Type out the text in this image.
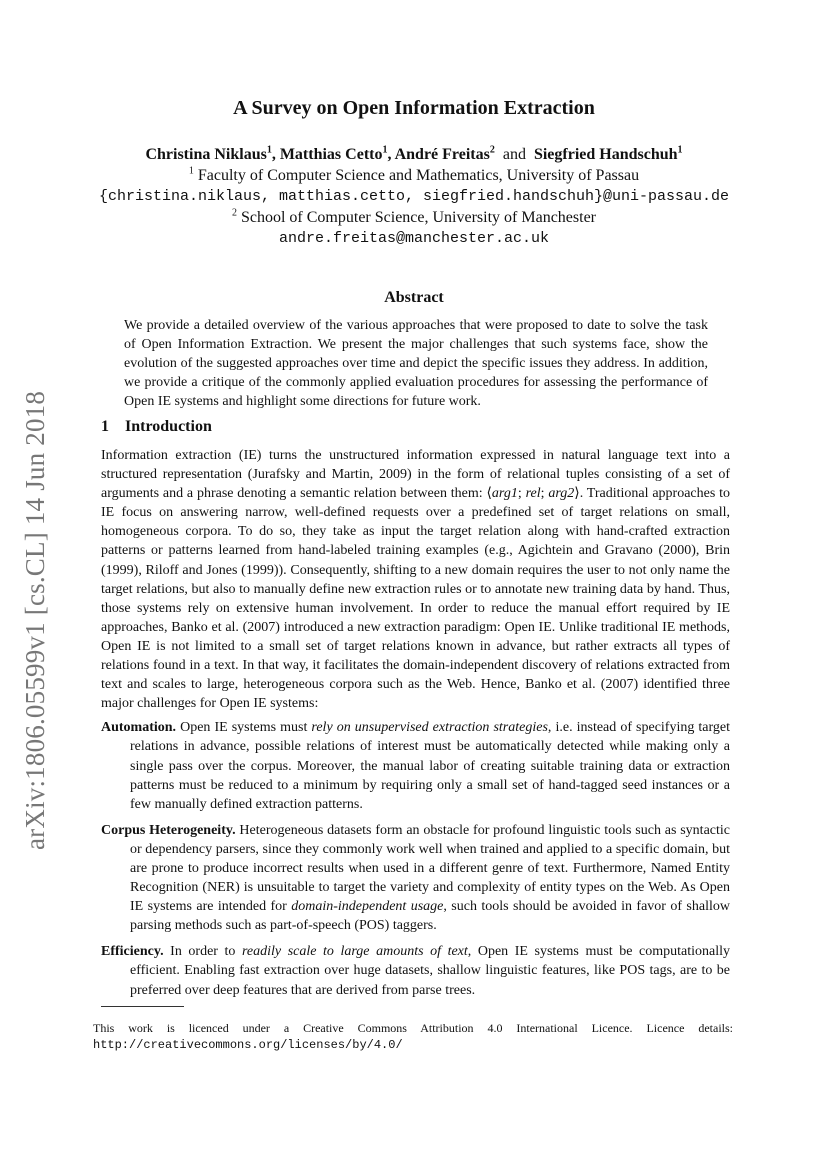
arXiv:1806.05599v1 [cs.CL] 14 Jun 2018
A Survey on Open Information Extraction
Christina Niklaus$^1$, Matthias Cetto$^1$, André Freitas$^2$ and Siegfried Handschuh$^1$
$^1$ Faculty of Computer Science and Mathematics, University of Passau
{christina.niklaus, matthias.cetto, siegfried.handschuh}@uni-passau.de
$^2$ School of Computer Science, University of Manchester
andre.freitas@manchester.ac.uk
Abstract
We provide a detailed overview of the various approaches that were proposed to date to solve the task of Open Information Extraction. We present the major challenges that such systems face, show the evolution of the suggested approaches over time and depict the specific issues they address. In addition, we provide a critique of the commonly applied evaluation procedures for assessing the performance of Open IE systems and highlight some directions for future work.
1 Introduction

Information extraction (IE) turns the unstructured information expressed in natural language text into a structured representation (Jurafsky and Martin, 2009) in the form of relational tuples consisting of a set of arguments and a phrase denoting a semantic relation between them: ⟨arg1; rel; arg2⟩. Traditional approaches to IE focus on answering narrow, well-defined requests over a predefined set of target relations on small, homogeneous corpora. To do so, they take as input the target relation along with hand-crafted extraction patterns or patterns learned from hand-labeled training examples (e.g., Agichtein and Gravano (2000), Brin (1999), Riloff and Jones (1999)). Consequently, shifting to a new domain requires the user to not only name the target relations, but also to manually define new extraction rules or to annotate new training data by hand. Thus, those systems rely on extensive human involvement. In order to reduce the manual effort required by IE approaches, Banko et al. (2007) introduced a new extraction paradigm: Open IE. Unlike traditional IE methods, Open IE is not limited to a small set of target relations known in advance, but rather extracts all types of relations found in a text. In that way, it facilitates the domain-independent discovery of relations extracted from text and scales to large, heterogeneous corpora such as the Web. Hence, Banko et al. (2007) identified three major challenges for Open IE systems:

Automation. Open IE systems must rely on unsupervised extraction strategies, i.e. instead of specifying target relations in advance, possible relations of interest must be automatically detected while making only a single pass over the corpus. Moreover, the manual labor of creating suitable training data or extraction patterns must be reduced to a minimum by requiring only a small set of hand-tagged seed instances or a few manually defined extraction patterns.
Corpus Heterogeneity. Heterogeneous datasets form an obstacle for profound linguistic tools such as syntactic or dependency parsers, since they commonly work well when trained and applied to a specific domain, but are prone to produce incorrect results when used in a different genre of text. Furthermore, Named Entity Recognition (NER) is unsuitable to target the variety and complexity of entity types on the Web. As Open IE systems are intended for domain-independent usage, such tools should be avoided in favor of shallow parsing methods such as part-of-speech (POS) taggers.
Efficiency. In order to readily scale to large amounts of text, Open IE systems must be computationally efficient. Enabling fast extraction over huge datasets, shallow linguistic features, like POS tags, are to be preferred over deep features that are derived from parse trees.
This work is licenced under a Creative Commons Attribution 4.0 International Licence. Licence details: http://creativecommons.org/licenses/by/4.0/
